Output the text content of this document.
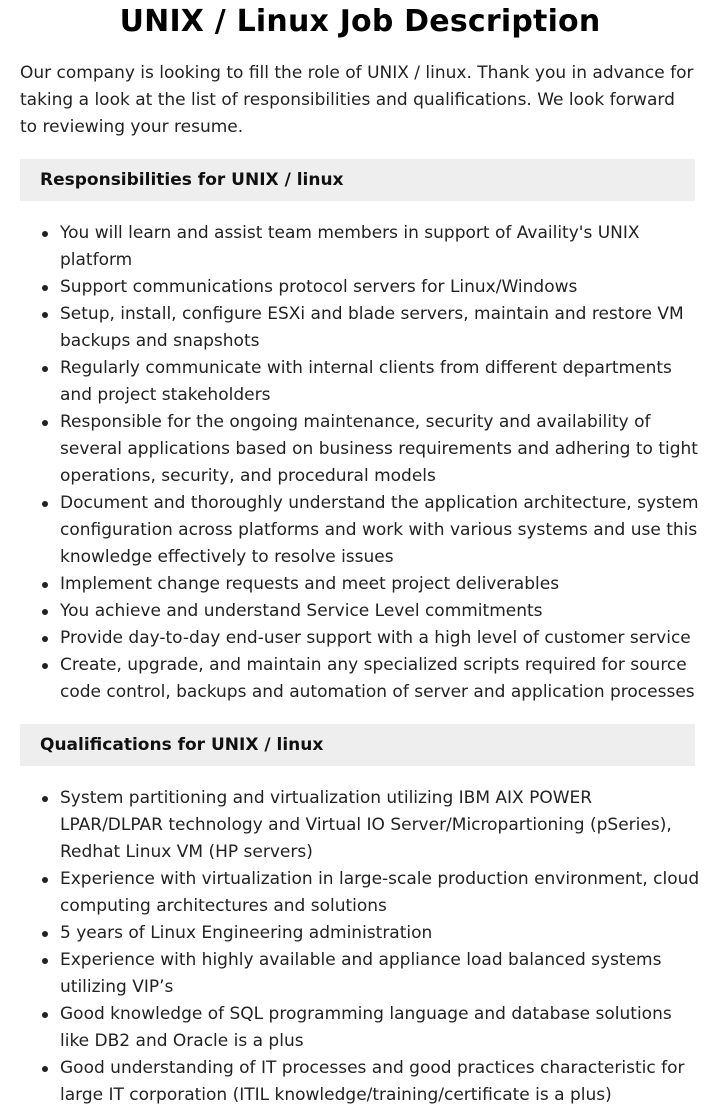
UNIX / Linux Job Description

Our company is looking to fill the role of UNIX / linux. Thank you in advance for taking a look at the list of responsibilities and qualifications. We look forward to reviewing your resume.

Responsibilities for UNIX / linux
You will learn and assist team members in support of Availity's UNIX platform
Support communications protocol servers for Linux/Windows
Setup, install, configure ESXi and blade servers, maintain and restore VM backups and snapshots
Regularly communicate with internal clients from different departments and project stakeholders
Responsible for the ongoing maintenance, security and availability of several applications based on business requirements and adhering to tight operations, security, and procedural models
Document and thoroughly understand the application architecture, system configuration across platforms and work with various systems and use this knowledge effectively to resolve issues
Implement change requests and meet project deliverables
You achieve and understand Service Level commitments
Provide day-to-day end-user support with a high level of customer service
Create, upgrade, and maintain any specialized scripts required for source code control, backups and automation of server and application processes
Qualifications for UNIX / linux
System partitioning and virtualization utilizing IBM AIX POWER LPAR/DLPAR technology and Virtual IO Server/Micropartioning (pSeries), Redhat Linux VM (HP servers)
Experience with virtualization in large-scale production environment, cloud computing architectures and solutions
5 years of Linux Engineering administration
Experience with highly available and appliance load balanced systems utilizing VIP’s
Good knowledge of SQL programming language and database solutions like DB2 and Oracle is a plus
Good understanding of IT processes and good practices characteristic for large IT corporation (ITIL knowledge/training/certificate is a plus)
